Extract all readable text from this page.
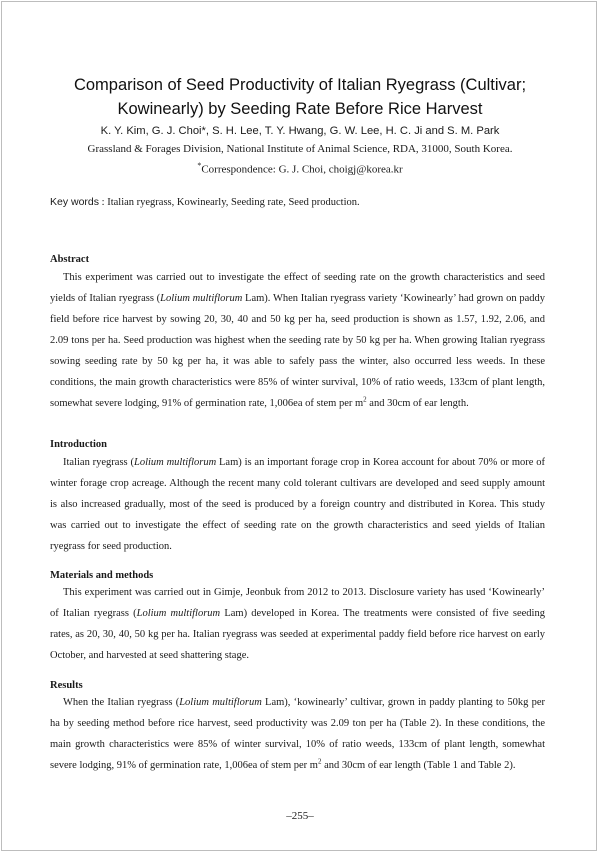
Comparison of Seed Productivity of Italian Ryegrass (Cultivar;
Kowinearly) by Seeding Rate Before Rice Harvest
K. Y. Kim, G. J. Choi*, S. H. Lee, T. Y. Hwang, G. W. Lee, H. C. Ji and S. M. Park
Grassland & Forages Division, National Institute of Animal Science, RDA, 31000, South Korea.
*Correspondence: G. J. Choi, choigj@korea.kr
Key words : Italian ryegrass, Kowinearly, Seeding rate, Seed production.
Abstract

This experiment was carried out to investigate the effect of seeding rate on the growth characteristics and seed yields of Italian ryegrass (Lolium multiflorum Lam). When Italian ryegrass variety ‘Kowinearly’ had grown on paddy field before rice harvest by sowing 20, 30, 40 and 50 kg per ha, seed production is shown as 1.57, 1.92, 2.06, and 2.09 tons per ha. Seed production was highest when the seeding rate by 50 kg per ha. When growing Italian ryegrass sowing seeding rate by 50 kg per ha, it was able to safely pass the winter, also occurred less weeds. In these conditions, the main growth characteristics were 85% of winter survival, 10% of ratio weeds, 133cm of plant length, somewhat severe lodging, 91% of germination rate, 1,006ea of stem per $m^2$ and 30cm of ear length.

Introduction

Italian ryegrass (Lolium multiflorum Lam) is an important forage crop in Korea account for about 70% or more of winter forage crop acreage. Although the recent many cold tolerant cultivars are developed and seed supply amount is also increased gradually, most of the seed is produced by a foreign country and distributed in Korea. This study was carried out to investigate the effect of seeding rate on the growth characteristics and seed yields of Italian ryegrass for seed production.

Materials and methods

This experiment was carried out in Gimje, Jeonbuk from 2012 to 2013. Disclosure variety has used ‘Kowinearly’ of Italian ryegrass (Lolium multiflorum Lam) developed in Korea. The treatments were consisted of five seeding rates, as 20, 30, 40, 50 kg per ha. Italian ryegrass was seeded at experimental paddy field before rice harvest on early October, and harvested at seed shattering stage.

Results

When the Italian ryegrass (Lolium multiflorum Lam), ‘kowinearly’ cultivar, grown in paddy planting to 50kg per ha by seeding method before rice harvest, seed productivity was 2.09 ton per ha (Table 2). In these conditions, the main growth characteristics were 85% of winter survival, 10% of ratio weeds, 133cm of plant length, somewhat severe lodging, 91% of germination rate, 1,006ea of stem per $m^2$ and 30cm of ear length (Table 1 and Table 2).

–255–
